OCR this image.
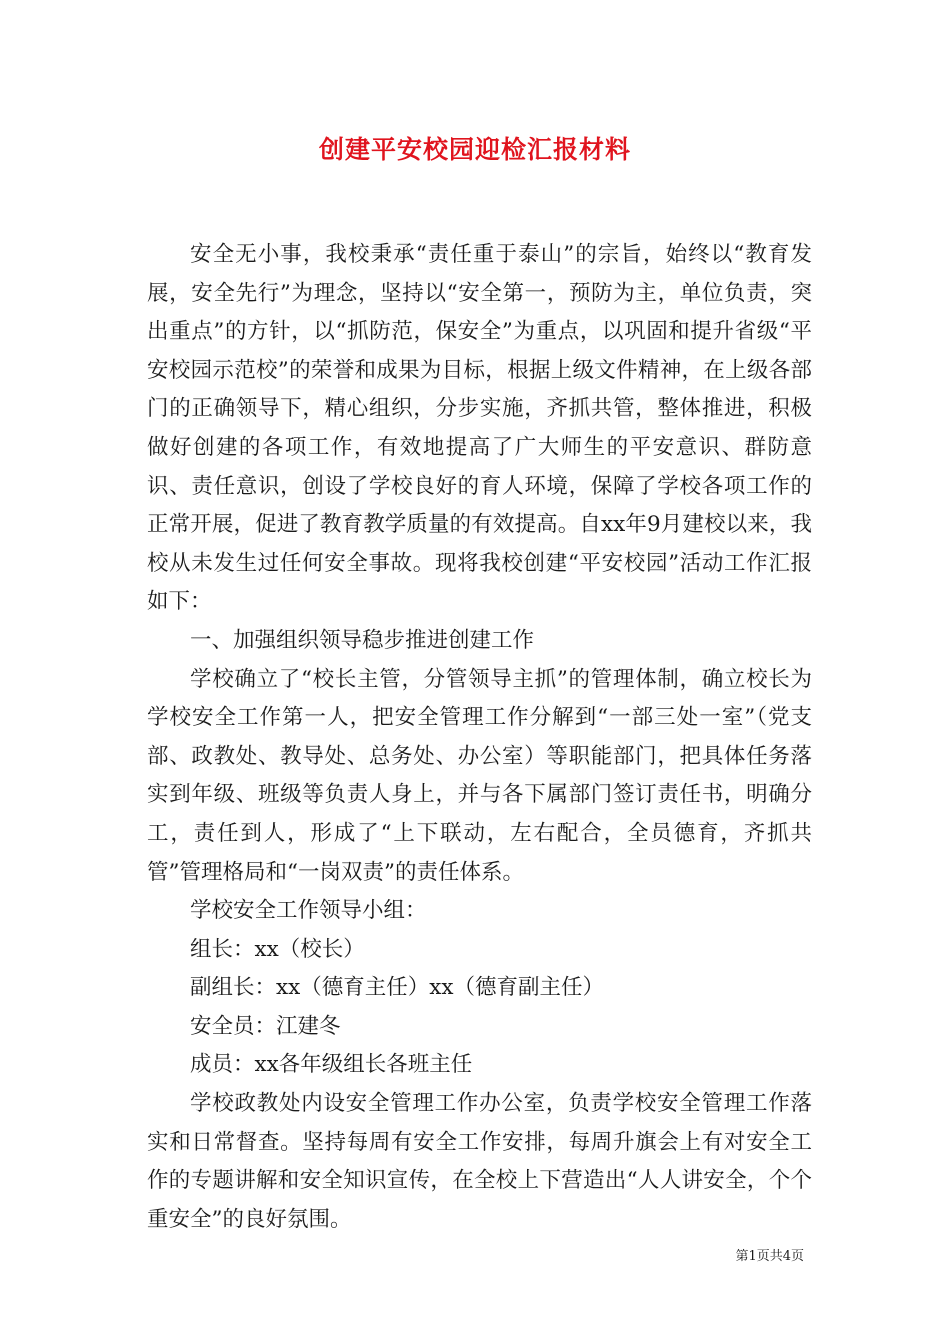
创建平安校园迎检汇报材料

安全无小事，我校秉承“责任重于泰山”的宗旨，始终以“教育发展，安全先行”为理念，坚持以“安全第一，预防为主，单位负责，突出重点”的方针，以“抓防范，保安全”为重点，以巩固和提升省级“平安校园示范校”的荣誉和成果为目标，根据上级文件精神，在上级各部门的正确领导下，精心组织，分步实施，齐抓共管，整体推进，积极做好创建的各项工作，有效地提高了广大师生的平安意识、群防意识、责任意识，创设了学校良好的育人环境，保障了学校各项工作的正常开展，促进了教育教学质量的有效提高。自xx年9月建校以来，我校从未发生过任何安全事故。现将我校创建“平安校园”活动工作汇报如下：

一、加强组织领导稳步推进创建工作

学校确立了“校长主管，分管领导主抓”的管理体制，确立校长为学校安全工作第一人，把安全管理工作分解到“一部三处一室”（党支部、政教处、教导处、总务处、办公室）等职能部门，把具体任务落实到年级、班级等负责人身上，并与各下属部门签订责任书，明确分工，责任到人，形成了“上下联动，左右配合，全员德育，齐抓共管”管理格局和“一岗双责”的责任体系。

学校安全工作领导小组：

组长：xx（校长）

副组长：xx（德育主任）xx（德育副主任）

安全员：江建冬

成员：xx各年级组长各班主任

学校政教处内设安全管理工作办公室，负责学校安全管理工作落实和日常督查。坚持每周有安全工作安排，每周升旗会上有对安全工作的专题讲解和安全知识宣传，在全校上下营造出“人人讲安全，个个重安全”的良好氛围。

第1页共4页
